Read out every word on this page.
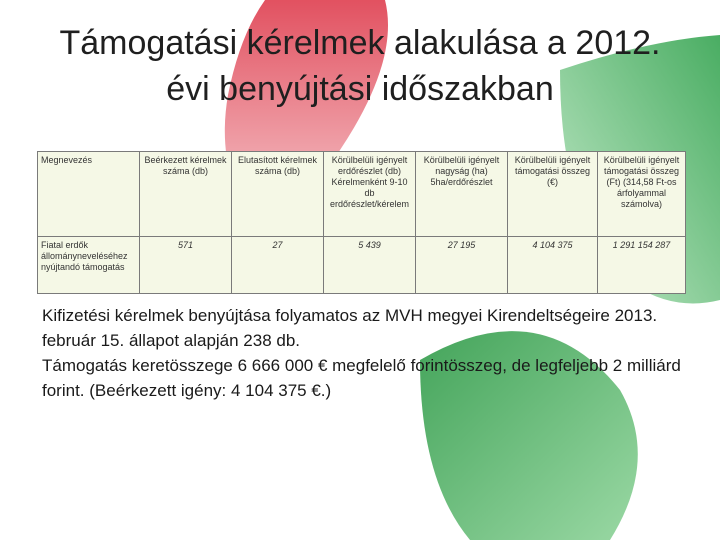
Támogatási kérelmek alakulása a 2012.
évi benyújtási időszakban
Megnevezés	Beérkezett kérelmek száma (db)	Elutasított kérelmek száma (db)	Körülbelüli igényelt erdőrészlet (db) Kérelmenként 9-10 db erdőrészlet/kérelem	Körülbelüli igényelt nagyság (ha) 5ha/erdőrészlet	Körülbelüli igényelt támogatási összeg (€)	Körülbelüli igényelt támogatási összeg (Ft) (314,58 Ft-os árfolyammal számolva)
Fiatal erdők állományneveléséhez nyújtandó támogatás	571	27	5 439	27 195	4 104 375	1 291 154 287

Kifizetési kérelmek benyújtása folyamatos az MVH megyei Kirendeltségeire 2013. február 15. állapot alapján 238 db.

Támogatás keretösszege 6 666 000 € megfelelő forintösszeg, de legfeljebb 2 milliárd forint. (Beérkezett igény: 4 104 375 €.)
